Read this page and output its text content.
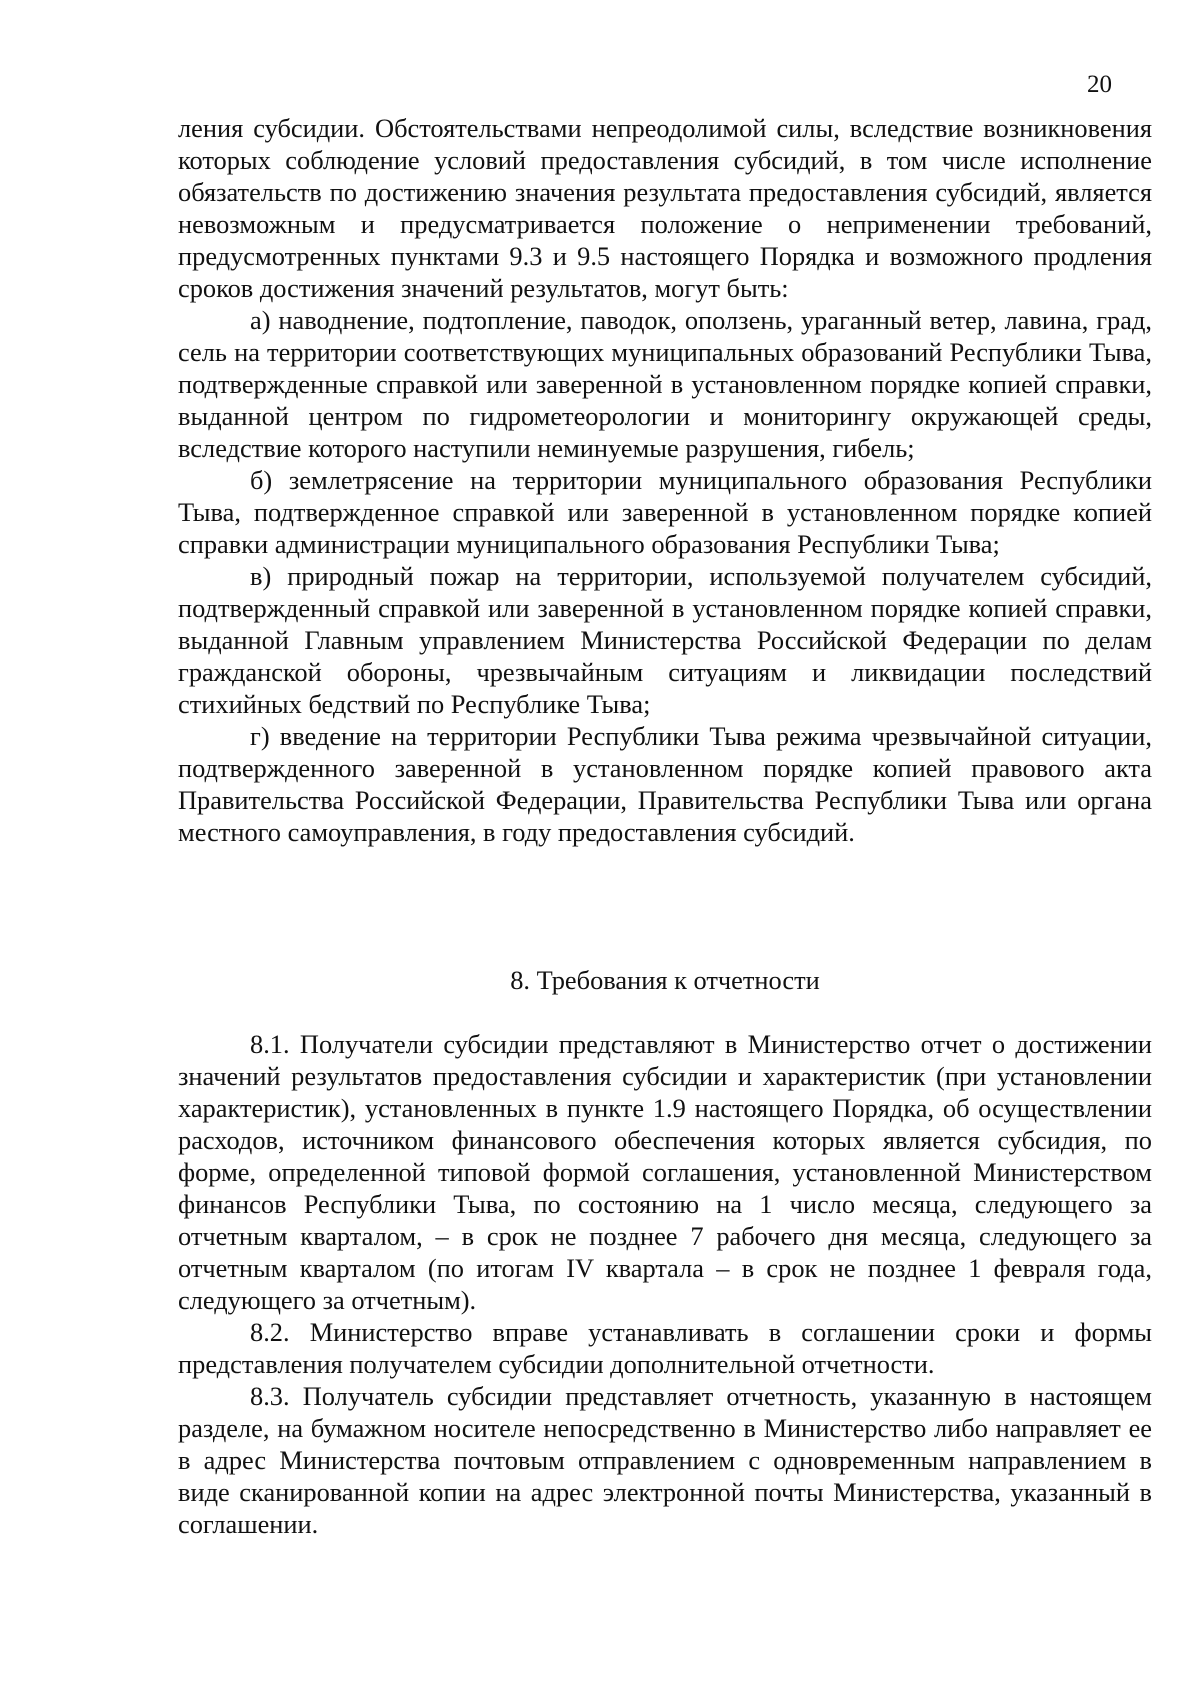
20

ления субсидии. Обстоятельствами непреодолимой силы, вследствие возникновения которых соблюдение условий предоставления субсидий, в том числе исполнение обязательств по достижению значения результата предоставления субсидий, является невозможным и предусматривается положение о неприменении требований, предусмотренных пунктами 9.3 и 9.5 настоящего Порядка и возможного продления сроков достижения значений результатов, могут быть:

а) наводнение, подтопление, паводок, оползень, ураганный ветер, лавина, град, сель на территории соответствующих муниципальных образований Республики Тыва, подтвержденные справкой или заверенной в установленном порядке копией справки, выданной центром по гидрометеорологии и мониторингу окружающей среды, вследствие которого наступили неминуемые разрушения, гибель;

б) землетрясение на территории муниципального образования Республики Тыва, подтвержденное справкой или заверенной в установленном порядке копией справки администрации муниципального образования Республики Тыва;

в) природный пожар на территории, используемой получателем субсидий, подтвержденный справкой или заверенной в установленном порядке копией справки, выданной Главным управлением Министерства Российской Федерации по делам гражданской обороны, чрезвычайным ситуациям и ликвидации последствий стихийных бедствий по Республике Тыва;

г) введение на территории Республики Тыва режима чрезвычайной ситуации, подтвержденного заверенной в установленном порядке копией правового акта Правительства Российской Федерации, Правительства Республики Тыва или органа местного самоуправления, в году предоставления субсидий.

8. Требования к отчетности

8.1. Получатели субсидии представляют в Министерство отчет о достижении значений результатов предоставления субсидии и характеристик (при установлении характеристик), установленных в пункте 1.9 настоящего Порядка, об осуществлении расходов, источником финансового обеспечения которых является субсидия, по форме, определенной типовой формой соглашения, установленной Министерством финансов Республики Тыва, по состоянию на 1 число месяца, следующего за отчетным кварталом, – в срок не позднее 7 рабочего дня месяца, следующего за отчетным кварталом (по итогам IV квартала – в срок не позднее 1 февраля года, следующего за отчетным).

8.2. Министерство вправе устанавливать в соглашении сроки и формы представления получателем субсидии дополнительной отчетности.

8.3. Получатель субсидии представляет отчетность, указанную в настоящем разделе, на бумажном носителе непосредственно в Министерство либо направляет ее в адрес Министерства почтовым отправлением с одновременным направлением в виде сканированной копии на адрес электронной почты Министерства, указанный в соглашении.
